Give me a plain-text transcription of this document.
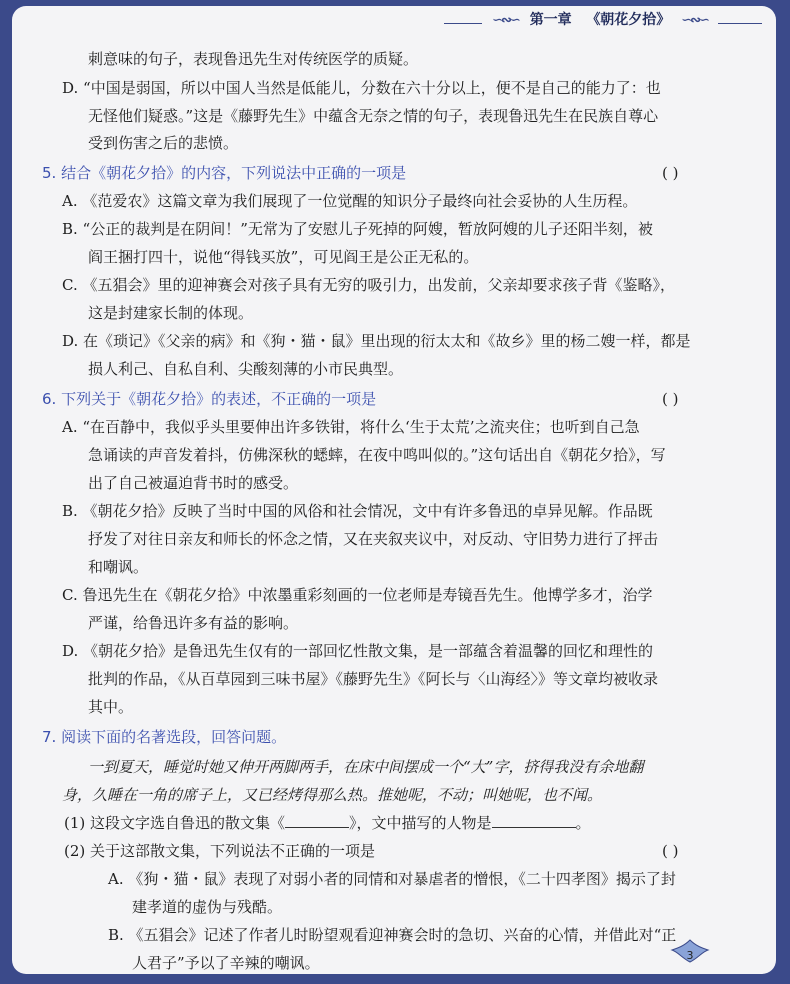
∽∾∽ 第一章 《朝花夕拾》 ∽∾∽
刺意味的句子，表现鲁迅先生对传统医学的质疑。
D. “中国是弱国，所以中国人当然是低能儿，分数在六十分以上，便不是自己的能力了：也
无怪他们疑惑。”这是《藤野先生》中蕴含无奈之情的句子，表现鲁迅先生在民族自尊心
受到伤害之后的悲愤。
5. 结合《朝花夕拾》的内容，下列说法中正确的一项是	( )
A. 《范爱农》这篇文章为我们展现了一位觉醒的知识分子最终向社会妥协的人生历程。
B. “公正的裁判是在阴间！”无常为了安慰儿子死掉的阿嫂，暂放阿嫂的儿子还阳半刻，被
阎王捆打四十，说他“得钱买放”，可见阎王是公正无私的。
C. 《五猖会》里的迎神赛会对孩子具有无穷的吸引力，出发前，父亲却要求孩子背《鉴略》，
这是封建家长制的体现。
D. 在《琐记》《父亲的病》和《狗・猫・鼠》里出现的衍太太和《故乡》里的杨二嫂一样，都是
损人利己、自私自利、尖酸刻薄的小市民典型。
6. 下列关于《朝花夕拾》的表述，不正确的一项是	( )
A. “在百静中，我似乎头里要伸出许多铁钳，将什么‘生于太荒’之流夹住；也听到自己急
急诵读的声音发着抖，仿佛深秋的蟋蟀，在夜中鸣叫似的。”这句话出自《朝花夕拾》，写
出了自己被逼迫背书时的感受。
B. 《朝花夕拾》反映了当时中国的风俗和社会情况，文中有许多鲁迅的卓异见解。作品既
抒发了对往日亲友和师长的怀念之情，又在夹叙夹议中，对反动、守旧势力进行了抨击
和嘲讽。
C. 鲁迅先生在《朝花夕拾》中浓墨重彩刻画的一位老师是寿镜吾先生。他博学多才，治学
严谨，给鲁迅许多有益的影响。
D. 《朝花夕拾》是鲁迅先生仅有的一部回忆性散文集，是一部蕴含着温馨的回忆和理性的
批判的作品，《从百草园到三味书屋》《藤野先生》《阿长与〈山海经〉》等文章均被收录
其中。
7. 阅读下面的名著选段，回答问题。
一到夏天，睡觉时她又伸开两脚两手，在床中间摆成一个“大”字，挤得我没有余地翻
身，久睡在一角的席子上，又已经烤得那么热。推她呢，不动；叫她呢，也不闻。
(1) 这段文字选自鲁迅的散文集《	》，文中描写的人物是	。
(2) 关于这部散文集，下列说法不正确的一项是	( )
A. 《狗・猫・鼠》表现了对弱小者的同情和对暴虐者的憎恨，《二十四孝图》揭示了封
建孝道的虚伪与残酷。
B. 《五猖会》记述了作者儿时盼望观看迎神赛会时的急切、兴奋的心情，并借此对“正
人君子”予以了辛辣的嘲讽。	3
